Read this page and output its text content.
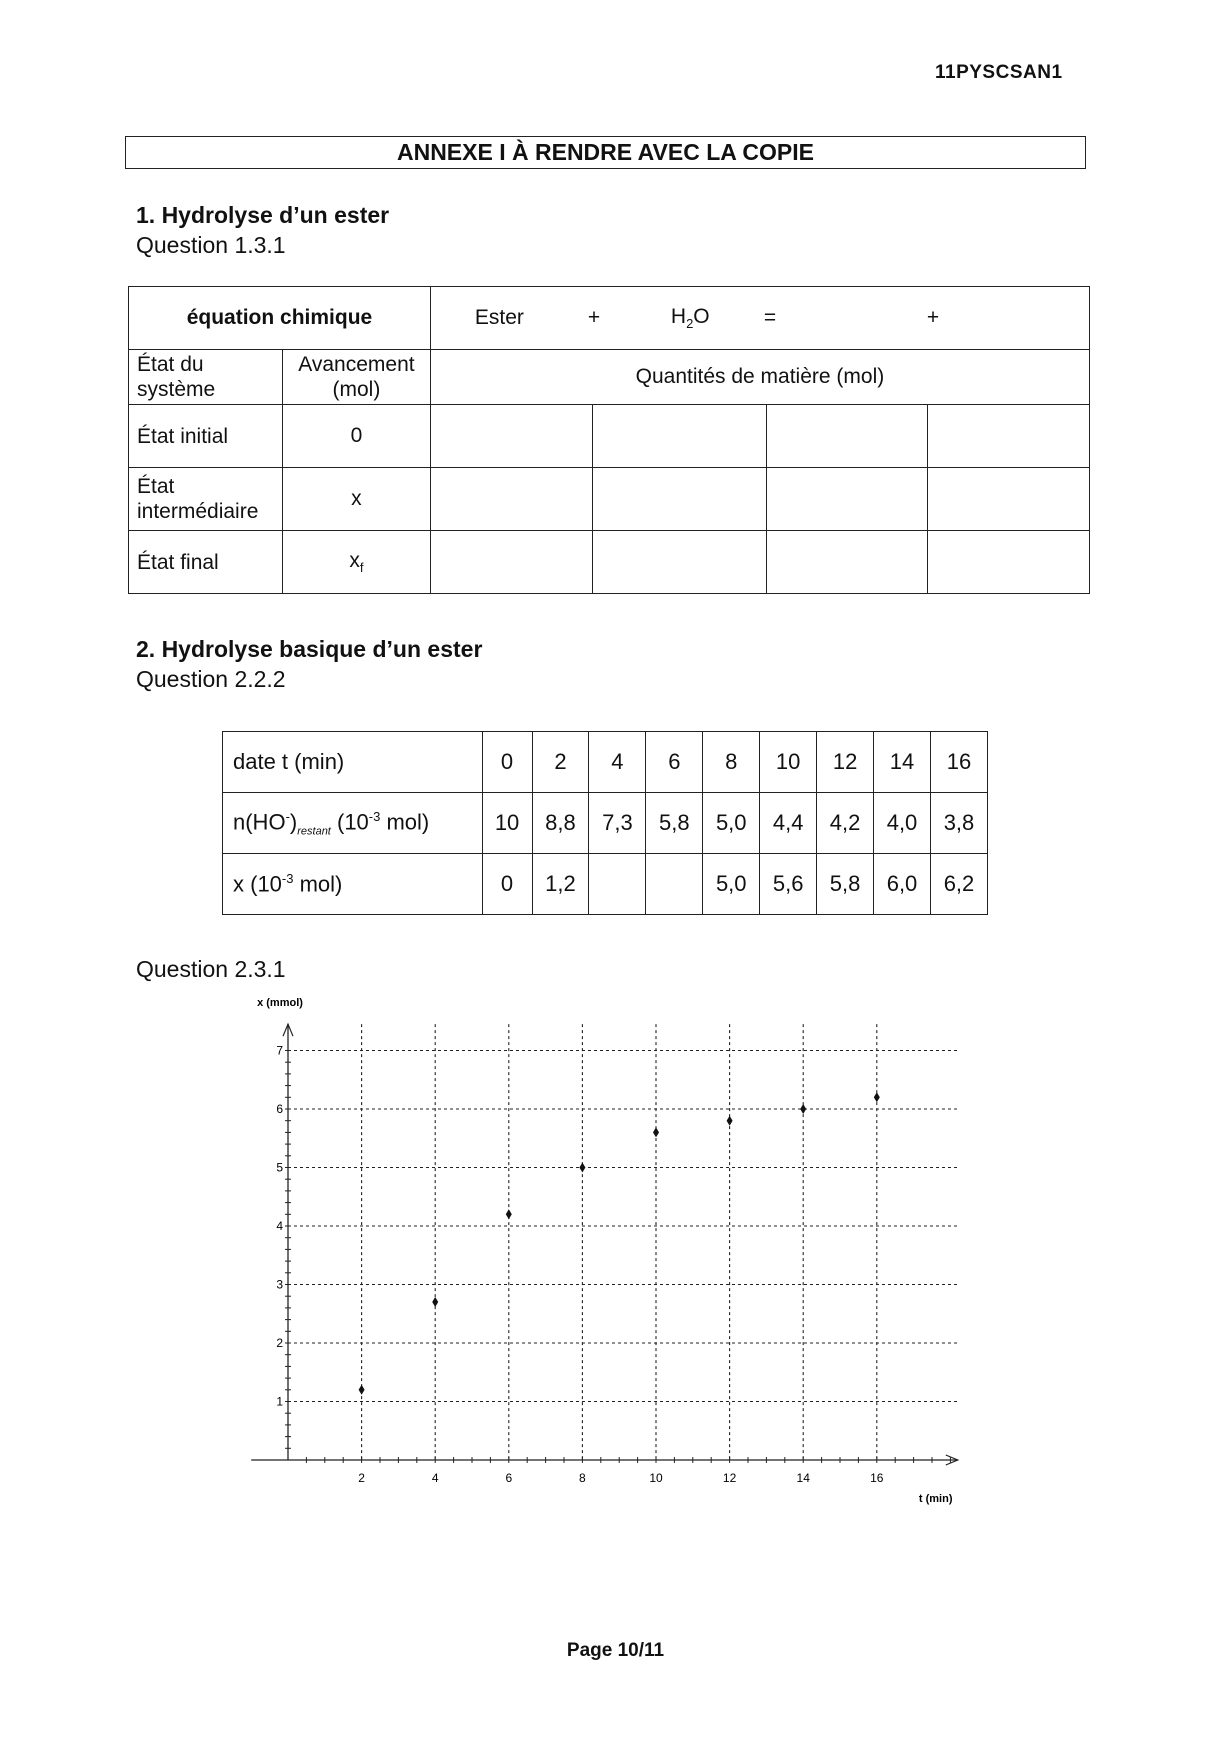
11PYSCSAN1
ANNEXE I À RENDRE AVEC LA COPIE
1. Hydrolyse d’un ester
Question 1.3.1
équation chimique		Ester + $H_2O$ = +			

État du système	Avancement (mol)	Quantités de matière (mol)			
État initial	0				
État intermédiaire	x				
État final	$x_f$				
2. Hydrolyse basique d’un ester
Question 2.2.2
date t (min)	0	2	4	6	8	10	12	14	16
$n(HO^-)_{restant}$ ($10^{-3}$ mol)	10	8,8	7,3	5,8	5,0	4,4	4,2	4,0	3,8
x ($10^{-3}$ mol)	0	1,2			5,0	5,6	5,8	6,0	6,2
Question 2.3.1
2	4	6	8	10	12	14	16
1
2
3
4
5
6
7
x (mmol)
t (min)
Page 10/11
